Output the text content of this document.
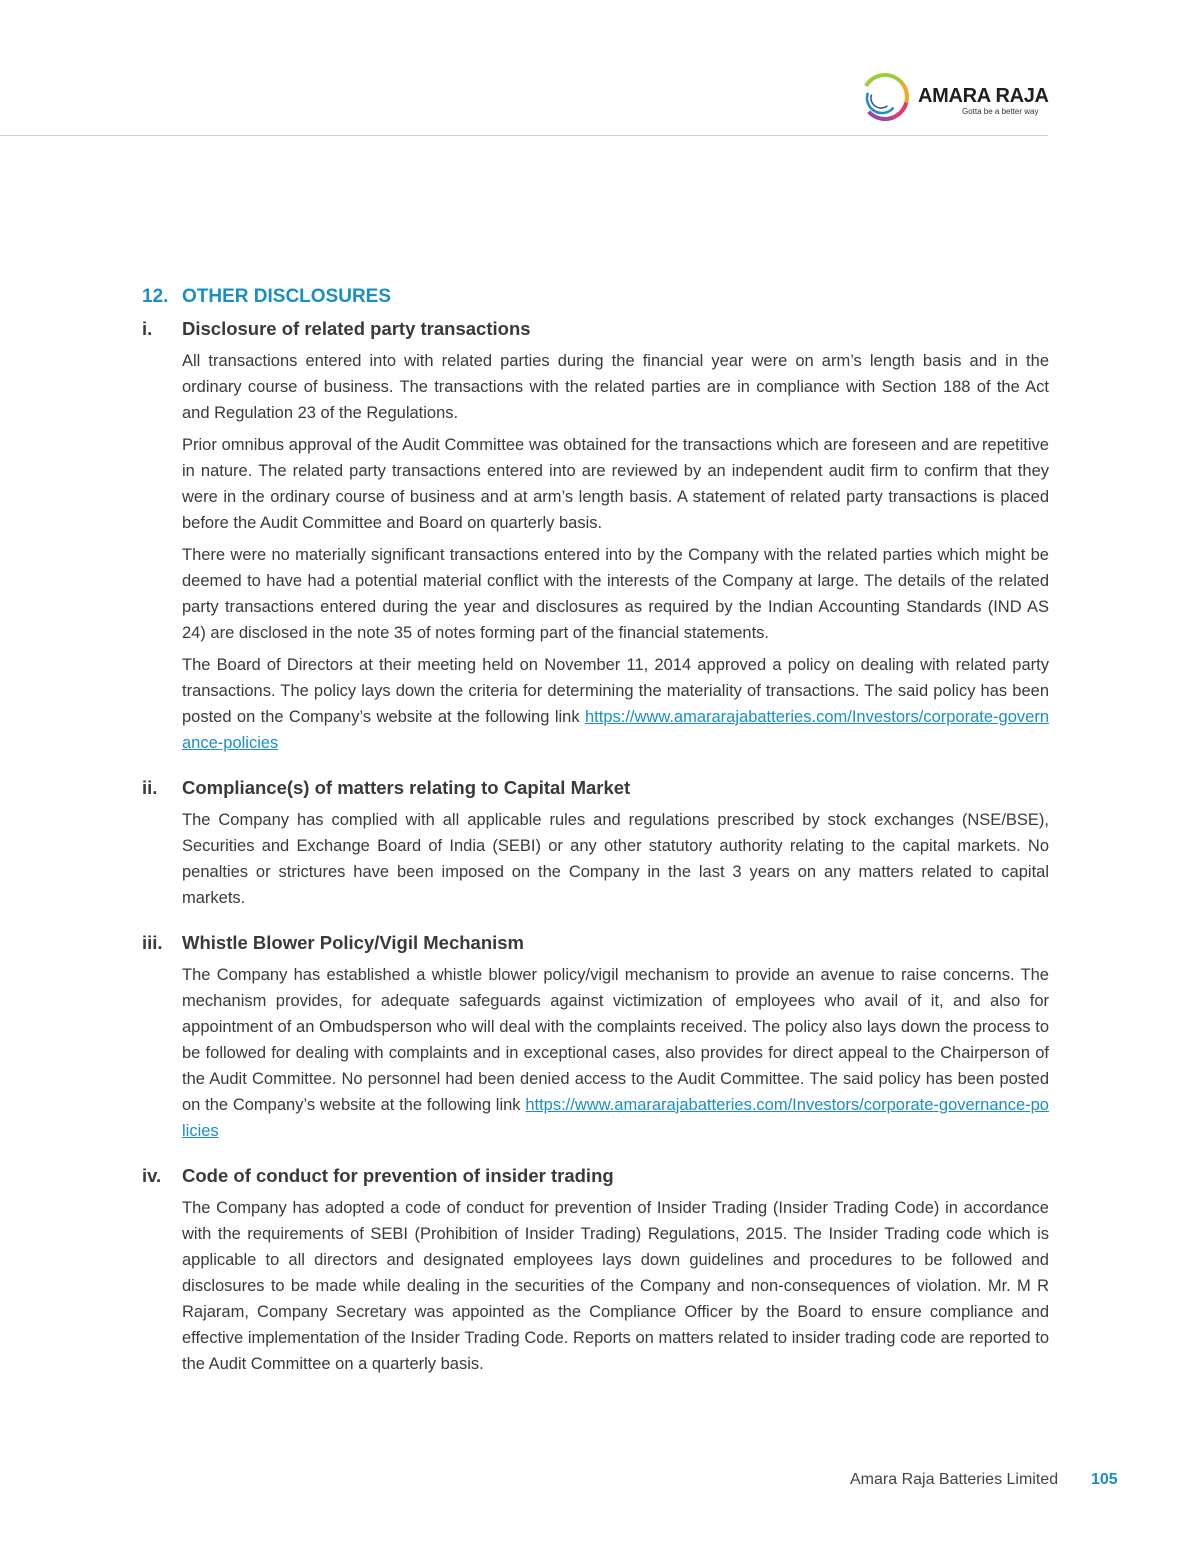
AMARA RAJA
Gotta be a better way
12. OTHER DISCLOSURES
i.	Disclosure of related party transactions

All transactions entered into with related parties during the financial year were on arm’s length basis and in the ordinary course of business. The transactions with the related parties are in compliance with Section 188 of the Act and Regulation 23 of the Regulations.

Prior omnibus approval of the Audit Committee was obtained for the transactions which are foreseen and are repetitive in nature. The related party transactions entered into are reviewed by an independent audit firm to confirm that they were in the ordinary course of business and at arm’s length basis. A statement of related party transactions is placed before the Audit Committee and Board on quarterly basis.

There were no materially significant transactions entered into by the Company with the related parties which might be deemed to have had a potential material conflict with the interests of the Company at large. The details of the related party transactions entered during the year and disclosures as required by the Indian Accounting Standards (IND AS 24) are disclosed in the note 35 of notes forming part of the financial statements.

The Board of Directors at their meeting held on November 11, 2014 approved a policy on dealing with related party transactions. The policy lays down the criteria for determining the materiality of transactions. The said policy has been posted on the Company’s website at the following link https://www.amararajabatteries.com/Investors/corporate-governance-policies

ii.	Compliance(s) of matters relating to Capital Market

The Company has complied with all applicable rules and regulations prescribed by stock exchanges (NSE/BSE), Securities and Exchange Board of India (SEBI) or any other statutory authority relating to the capital markets. No penalties or strictures have been imposed on the Company in the last 3 years on any matters related to capital markets.

iii.	Whistle Blower Policy/Vigil Mechanism

The Company has established a whistle blower policy/vigil mechanism to provide an avenue to raise concerns. The mechanism provides, for adequate safeguards against victimization of employees who avail of it, and also for appointment of an Ombudsperson who will deal with the complaints received. The policy also lays down the process to be followed for dealing with complaints and in exceptional cases, also provides for direct appeal to the Chairperson of the Audit Committee. No personnel had been denied access to the Audit Committee. The said policy has been posted on the Company’s website at the following link https://www.amararajabatteries.com/Investors/corporate-governance-policies

iv.	Code of conduct for prevention of insider trading

The Company has adopted a code of conduct for prevention of Insider Trading (Insider Trading Code) in accordance with the requirements of SEBI (Prohibition of Insider Trading) Regulations, 2015. The Insider Trading code which is applicable to all directors and designated employees lays down guidelines and procedures to be followed and disclosures to be made while dealing in the securities of the Company and non-consequences of violation. Mr. M R Rajaram, Company Secretary was appointed as the Compliance Officer by the Board to ensure compliance and effective implementation of the Insider Trading Code. Reports on matters related to insider trading code are reported to the Audit Committee on a quarterly basis.

Amara Raja Batteries Limited 105
